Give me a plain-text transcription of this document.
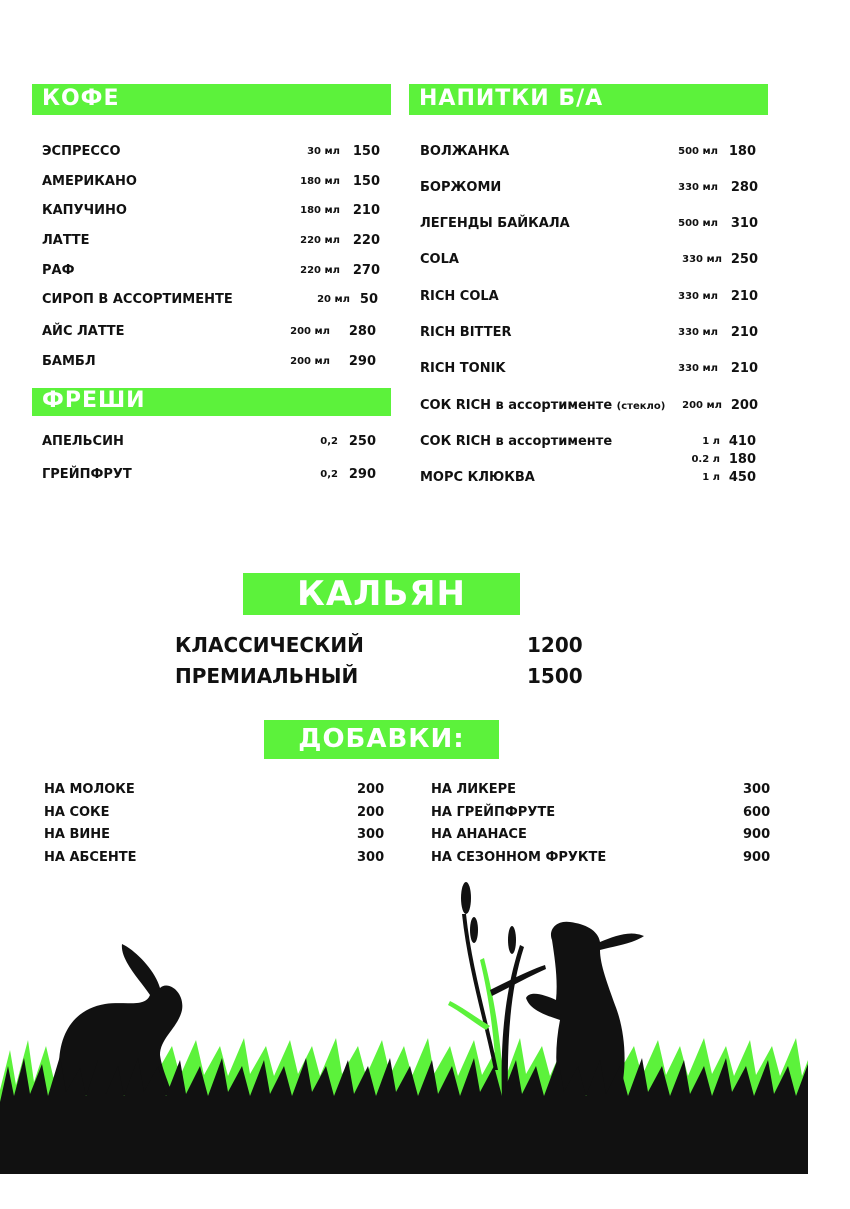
КОФЕ
ЭСПРЕССО	30 мл 150
АМЕРИКАНО	180 мл 150
КАПУЧИНО	180 мл 210
ЛАТТЕ	220 мл 220
РАФ	220 мл 270
СИРОП В АССОРТИМЕНТЕ	20 мл 50
АЙС ЛАТТЕ	200 мл 280
БАМБЛ	200 мл 290
ФРЕШИ
АПЕЛЬСИН	0,2 250
ГРЕЙПФРУТ	0,2 290
НАПИТКИ Б/А
ВОЛЖАНКА	500 мл 180
БОРЖОМИ	330 мл 280
ЛЕГЕНДЫ БАЙКАЛА	500 мл 310
COLA	330 мл 250
RICH COLA	330 мл 210
RICH BITTER	330 мл 210
RICH TONIK	330 мл 210
СОК RICH в ассортименте (стекло) 200 мл 200
СОК RICH в ассортименте	1 л 410
0.2 л 180
МОРС КЛЮКВА	1 л 450
КАЛЬЯН
КЛАССИЧЕСКИЙ	1200
ПРЕМИАЛЬНЫЙ	1500
ДОБАВКИ:
НА МОЛОКЕ	200
НА СОКЕ	200
НА ВИНЕ	300
НА АБСЕНТЕ	300
НА ЛИКЕРЕ	300
НА ГРЕЙПФРУТЕ	600
НА АНАНАСЕ	900
НА СЕЗОННОМ ФРУКТЕ	900
